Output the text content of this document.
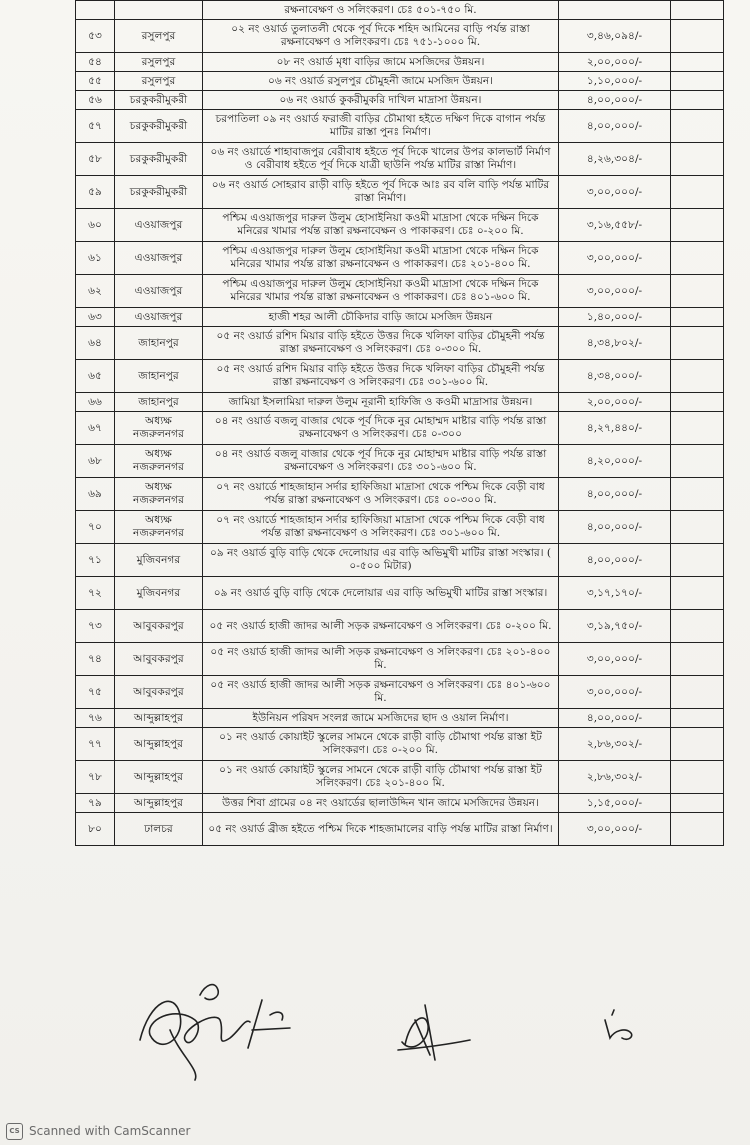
		রক্ষনাবেক্ষণ ও সলিংকরণ। চেঃ ৫০১-৭৫০ মি.		
৫৩	রসুলপুর	০২ নং ওয়ার্ড তুলাতলী থেকে পূর্ব দিকে শহিদ আমিনের বাড়ি পর্যন্ত রাস্তা রক্ষনাবেক্ষণ ও সলিংকরণ। চেঃ ৭৫১-১০০০ মি.	৩,৪৬,০৯৪/-	
৫৪	রসুলপুর	০৮ নং ওয়ার্ড মৃধা বাড়ির জামে মসজিদের উন্নয়ন।	২,০০,০০০/-	
৫৫	রসুলপুর	০৬ নং ওয়ার্ড রসুলপুর চৌমুহনী জামে মসজিদ উন্নয়ন।	১,১০,০০০/-	
৫৬	চরকুকরীমুকরী	০৬ নং ওয়ার্ড কুকরীমুকরি দাখিল মাদ্রাসা উন্নয়ন।	৪,০০,০০০/-	
৫৭	চরকুকরীমুকরী	চরপাতিলা ০৯ নং ওয়ার্ড ফরাজী বাড়ির চৌমাথা হইতে দক্ষিণ দিকে বাগান পর্যন্ত মাটির রাস্তা পুনঃ নির্মাণ।	৪,০০,০০০/-	
৫৮	চরকুকরীমুকরী	০৬ নং ওয়ার্ডে শাহাবাজপুর বেরীবাধ হইতে পূর্ব দিকে খালের উপর কালভার্ট নির্মাণ ও বেরীবাধ হইতে পূর্ব দিকে যাত্রী ছাউনি পর্যন্ত মাটির রাস্তা নির্মাণ।	৪,২৬,৩০৪/-	
৫৯	চরকুকরীমুকরী	০৬ নং ওয়ার্ড সোহরাব রাড়ী বাড়ি হইতে পূর্ব দিকে আঃ রব বলি বাড়ি পর্যন্ত মাটির রাস্তা নির্মাণ।	৩,০০,০০০/-	
৬০	এওয়াজপুর	পশ্চিম এওয়াজপুর দারুল উলুম হোসাইনিয়া কওমী মাদ্রাসা থেকে দক্ষিন দিকে মনিরের খামার পর্যন্ত রাস্তা রক্ষনাবেক্ষন ও পাকাকরণ। চেঃ ০-২০০ মি.	৩,১৬,৫৫৮/-	
৬১	এওয়াজপুর	পশ্চিম এওয়াজপুর দারুল উলুম হোসাইনিয়া কওমী মাদ্রাসা থেকে দক্ষিন দিকে মনিরের খামার পর্যন্ত রাস্তা রক্ষনাবেক্ষন ও পাকাকরণ। চেঃ ২০১-৪০০ মি.	৩,০০,০০০/-	
৬২	এওয়াজপুর	পশ্চিম এওয়াজপুর দারুল উলুম হোসাইনিয়া কওমী মাদ্রাসা থেকে দক্ষিন দিকে মনিরের খামার পর্যন্ত রাস্তা রক্ষনাবেক্ষন ও পাকাকরণ। চেঃ ৪০১-৬০০ মি.	৩,০০,০০০/-	
৬৩	এওয়াজপুর	হাজী শহর আলী চৌকিদার বাড়ি জামে মসজিদ উন্নয়ন	১,৪০,০০০/-	
৬৪	জাহানপুর	০৫ নং ওয়ার্ড রশিদ মিয়ার বাড়ি হইতে উত্তর দিকে খলিফা বাড়ির চৌমুহনী পর্যন্ত রাস্তা রক্ষনাবেক্ষণ ও সলিংকরণ। চেঃ ০-৩০০ মি.	৪,৩৪,৮০২/-	
৬৫	জাহানপুর	০৫ নং ওয়ার্ড রশিদ মিয়ার বাড়ি হইতে উত্তর দিকে খলিফা বাড়ির চৌমুহনী পর্যন্ত রাস্তা রক্ষনাবেক্ষণ ও সলিংকরণ। চেঃ ৩০১-৬০০ মি.	৪,৩৪,০০০/-	
৬৬	জাহানপুর	জামিয়া ইসলামিয়া দারুল উলুম নূরানী হাফিজি ও কওমী মাদ্রাসার উন্নয়ন।	২,০০,০০০/-	
৬৭	অধ্যক্ষ নজরুলনগর	০৪ নং ওয়ার্ড বজলু বাজার থেকে পূর্ব দিকে নুর মোহাম্মদ মাষ্টার বাড়ি পর্যন্ত রাস্তা রক্ষনাবেক্ষণ ও সলিংকরণ। চেঃ ০-৩০০	৪,২৭,৪৪০/-	
৬৮	অধ্যক্ষ নজরুলনগর	০৪ নং ওয়ার্ড বজলু বাজার থেকে পূর্ব দিকে নুর মোহাম্মদ মাষ্টার বাড়ি পর্যন্ত রাস্তা রক্ষনাবেক্ষণ ও সলিংকরণ। চেঃ ৩০১-৬০০ মি.	৪,২০,০০০/-	
৬৯	অধ্যক্ষ নজরুলনগর	০৭ নং ওয়ার্ডে শাহজাহান সর্দার হাফিজিয়া মাদ্রাসা থেকে পশ্চিম দিকে বেড়ী বাধ পর্যন্ত রাস্তা রক্ষনাবেক্ষণ ও সলিংকরণ। চেঃ ০০-৩০০ মি.	৪,০০,০০০/-	
৭০	অধ্যক্ষ নজরুলনগর	০৭ নং ওয়ার্ডে শাহজাহান সর্দার হাফিজিয়া মাদ্রাসা থেকে পশ্চিম দিকে বেড়ী বাধ পর্যন্ত রাস্তা রক্ষনাবেক্ষণ ও সলিংকরণ। চেঃ ৩০১-৬০০ মি.	৪,০০,০০০/-	
৭১	মুজিবনগর	০৯ নং ওয়ার্ড বুড়ি বাড়ি থেকে দেলোয়ার এর বাড়ি অভিমুখী মাটির রাস্তা সংস্কার। ( ০-৫০০ মিটার)	৪,০০,০০০/-	
৭২	মুজিবনগর	০৯ নং ওয়ার্ড বুড়ি বাড়ি থেকে দেলোয়ার এর বাড়ি অভিমুখী মাটির রাস্তা সংস্কার।	৩,১৭,১৭০/-	
৭৩	আবুবকরপুর	০৫ নং ওয়ার্ড হাজী জাদর আলী সড়ক রক্ষনাবেক্ষণ ও সলিংকরণ। চেঃ ০-২০০ মি.	৩,১৯,৭৫০/-	
৭৪	আবুবকরপুর	০৫ নং ওয়ার্ড হাজী জাদর আলী সড়ক রক্ষনাবেক্ষণ ও সলিংকরণ। চেঃ ২০১-৪০০ মি.	৩,০০,০০০/-	
৭৫	আবুবকরপুর	০৫ নং ওয়ার্ড হাজী জাদর আলী সড়ক রক্ষনাবেক্ষণ ও সলিংকরণ। চেঃ ৪০১-৬০০ মি.	৩,০০,০০০/-	
৭৬	আব্দুল্লাহপুর	ইউনিয়ন পরিষদ সংলগ্ন জামে মসজিদের ছাদ ও ওয়াল নির্মাণ।	৪,০০,০০০/-	
৭৭	আব্দুল্লাহপুর	০১ নং ওয়ার্ড কোয়াইট স্কুলের সামনে থেকে রাড়ী বাড়ি চৌমাথা পর্যন্ত রাস্তা ইট সলিংকরণ। চেঃ ০-২০০ মি.	২,৮৬,৩০২/-	
৭৮	আব্দুল্লাহপুর	০১ নং ওয়ার্ড কোয়াইট স্কুলের সামনে থেকে রাড়ী বাড়ি চৌমাথা পর্যন্ত রাস্তা ইট সলিংকরণ। চেঃ ২০১-৪০০ মি.	২,৮৬,৩০২/-	
৭৯	আব্দুল্লাহপুর	উত্তর শিবা গ্রামের ০৪ নং ওয়ার্ডের ছালাউদ্দিন খান জামে মসজিদের উন্নয়ন।	১,১৫,০০০/-	
৮০	ঢালচর	০৫ নং ওয়ার্ড ব্রীজ হইতে পশ্চিম দিকে শাহজামালের বাড়ি পর্যন্ত মাটির রাস্তা নির্মাণ।	৩,০০,০০০/-	
CS Scanned with CamScanner
